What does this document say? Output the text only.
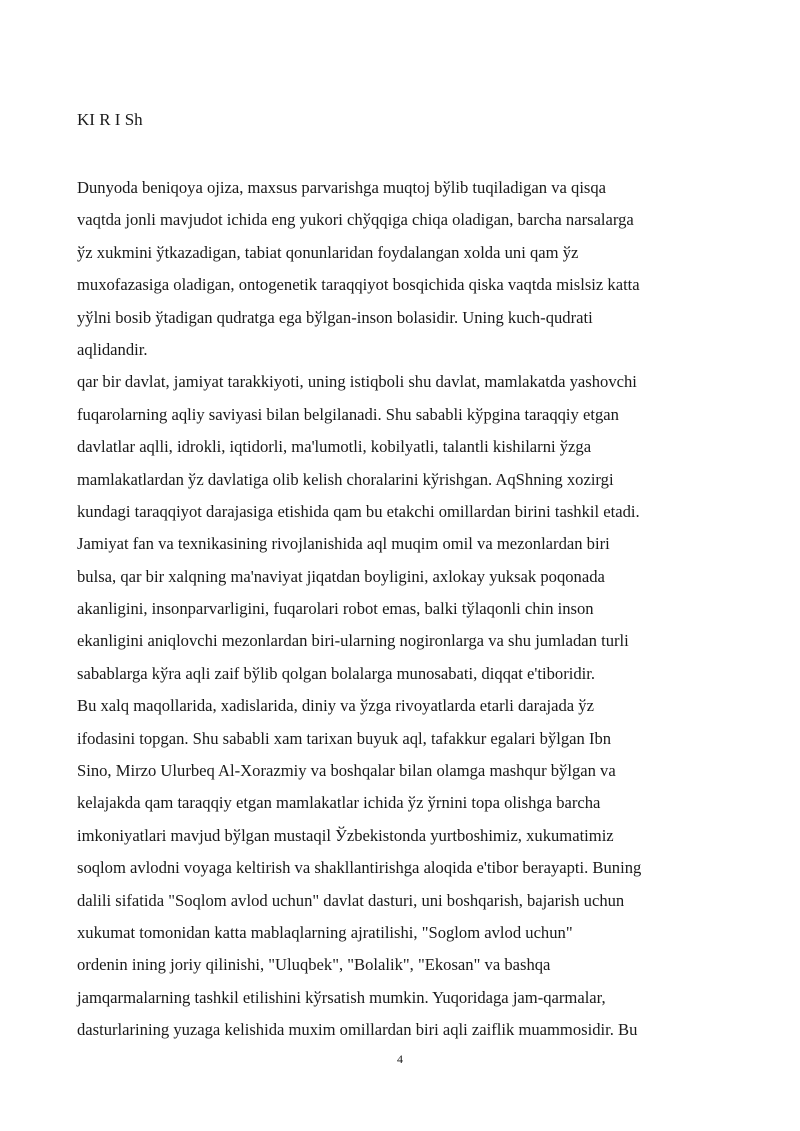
KI R I Sh
Dunyoda beniqoya ojiza, maxsus parvarishga muqtoj bўlib tuqiladigan va qisqa
vaqtda jonli mavjudot ichida eng yukori chўqqiga chiqa oladigan, barcha narsalarga
ўz xukmini ўtkazadigan, tabiat qonunlaridan foydalangan xolda uni qam ўz
muxofazasiga oladigan, ontogenetik taraqqiyot bosqichida qiska vaqtda mislsiz katta
yўlni bosib ўtadigan qudratga ega bўlgan-inson bolasidir. Uning kuch-qudrati
aqlidandir.
qar bir davlat, jamiyat tarakkiyoti, uning istiqboli shu davlat, mamlakatda yashovchi
fuqarolarning aqliy saviyasi bilan belgilanadi. Shu sababli kўpgina taraqqiy etgan
davlatlar aqlli, idrokli, iqtidorli, ma'lumotli, kobilyatli, talantli kishilarni ўzga
mamlakatlardan ўz davlatiga olib kelish choralarini kўrishgan. AqShning xozirgi
kundagi taraqqiyot darajasiga etishida qam bu etakchi omillardan birini tashkil etadi.
Jamiyat fan va texnikasining rivojlanishida aql muqim omil va mezonlardan biri
bulsa, qar bir xalqning ma'naviyat jiqatdan boyligini, axlokay yuksak poqonada
akanligini, insonparvarligini, fuqarolari robot emas, balki tўlaqonli chin inson
ekanligini aniqlovchi mezonlardan biri-ularning nogironlarga va shu jumladan turli
sabablarga kўra aqli zaif bўlib qolgan bolalarga munosabati, diqqat e'tiboridir.
Bu xalq maqollarida, xadislarida, diniy va ўzga rivoyatlarda etarli darajada ўz
ifodasini topgan. Shu sababli xam tarixan buyuk aql, tafakkur egalari bўlgan Ibn
Sino, Mirzo Ulurbeq Al-Xorazmiy va boshqalar bilan olamga mashqur bўlgan va
kelajakda qam taraqqiy etgan mamlakatlar ichida ўz ўrnini topa olishga barcha
imkoniyatlari mavjud bўlgan mustaqil Ўzbekistonda yurtboshimiz, xukumatimiz
soqlom avlodni voyaga keltirish va shakllantirishga aloqida e'tibor berayapti. Buning
dalili sifatida "Soqlom avlod uchun" davlat dasturi, uni boshqarish, bajarish uchun
xukumat tomonidan katta mablaqlarning ajratilishi, "Soglom avlod uchun"
ordenin ining joriy qilinishi, "Uluqbek", "Bolalik", "Ekosan" va bashqa
jamqarmalarning tashkil etilishini kўrsatish mumkin. Yuqoridaga jam-qarmalar,
dasturlarining yuzaga kelishida muxim omillardan biri aqli zaiflik muammosidir. Bu
4
